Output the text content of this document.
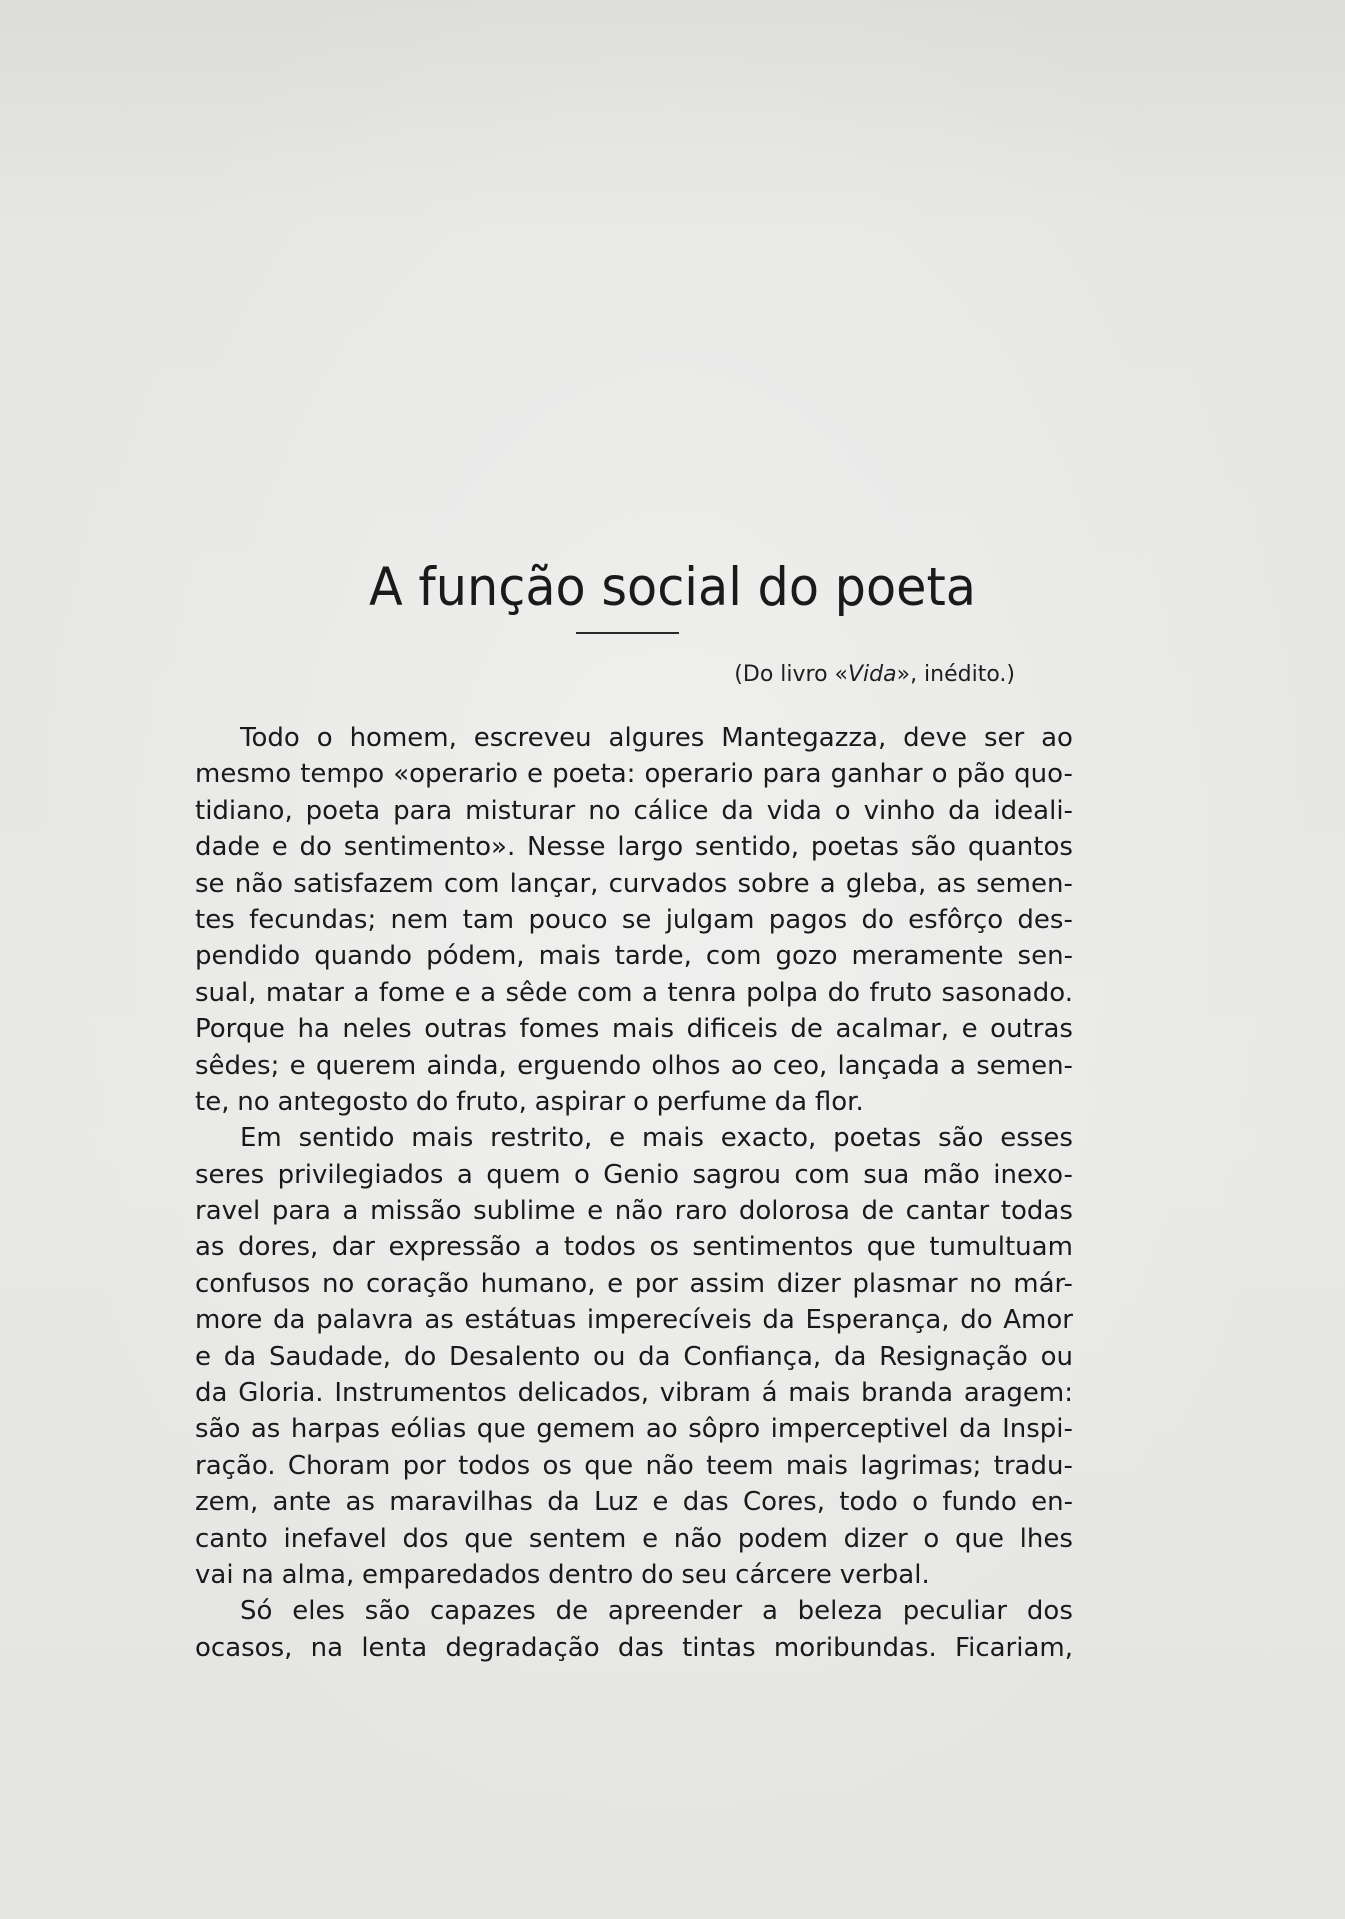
A função social do poeta
(Do livro «Vida», inédito.)
Todo o homem, escreveu algures Mantegazza, deve ser ao
mesmo tempo «operario e poeta: operario para ganhar o pão quo-
tidiano, poeta para misturar no cálice da vida o vinho da ideali-
dade e do sentimento». Nesse largo sentido, poetas são quantos
se não satisfazem com lançar, curvados sobre a gleba, as semen-
tes fecundas; nem tam pouco se julgam pagos do esfôrço des-
pendido quando pódem, mais tarde, com gozo meramente sen-
sual, matar a fome e a sêde com a tenra polpa do fruto sasonado.
Porque ha neles outras fomes mais dificeis de acalmar, e outras
sêdes; e querem ainda, erguendo olhos ao ceo, lançada a semen-
te, no antegosto do fruto, aspirar o perfume da flor.
Em sentido mais restrito, e mais exacto, poetas são esses
seres privilegiados a quem o Genio sagrou com sua mão inexo-
ravel para a missão sublime e não raro dolorosa de cantar todas
as dores, dar expressão a todos os sentimentos que tumultuam
confusos no coração humano, e por assim dizer plasmar no már-
more da palavra as estátuas imperecíveis da Esperança, do Amor
e da Saudade, do Desalento ou da Confiança, da Resignação ou
da Gloria. Instrumentos delicados, vibram á mais branda aragem:
são as harpas eólias que gemem ao sôpro imperceptivel da Inspi-
ração. Choram por todos os que não teem mais lagrimas; tradu-
zem, ante as maravilhas da Luz e das Cores, todo o fundo en-
canto inefavel dos que sentem e não podem dizer o que lhes
vai na alma, emparedados dentro do seu cárcere verbal.
Só eles são capazes de apreender a beleza peculiar dos
ocasos, na lenta degradação das tintas moribundas. Ficariam,
